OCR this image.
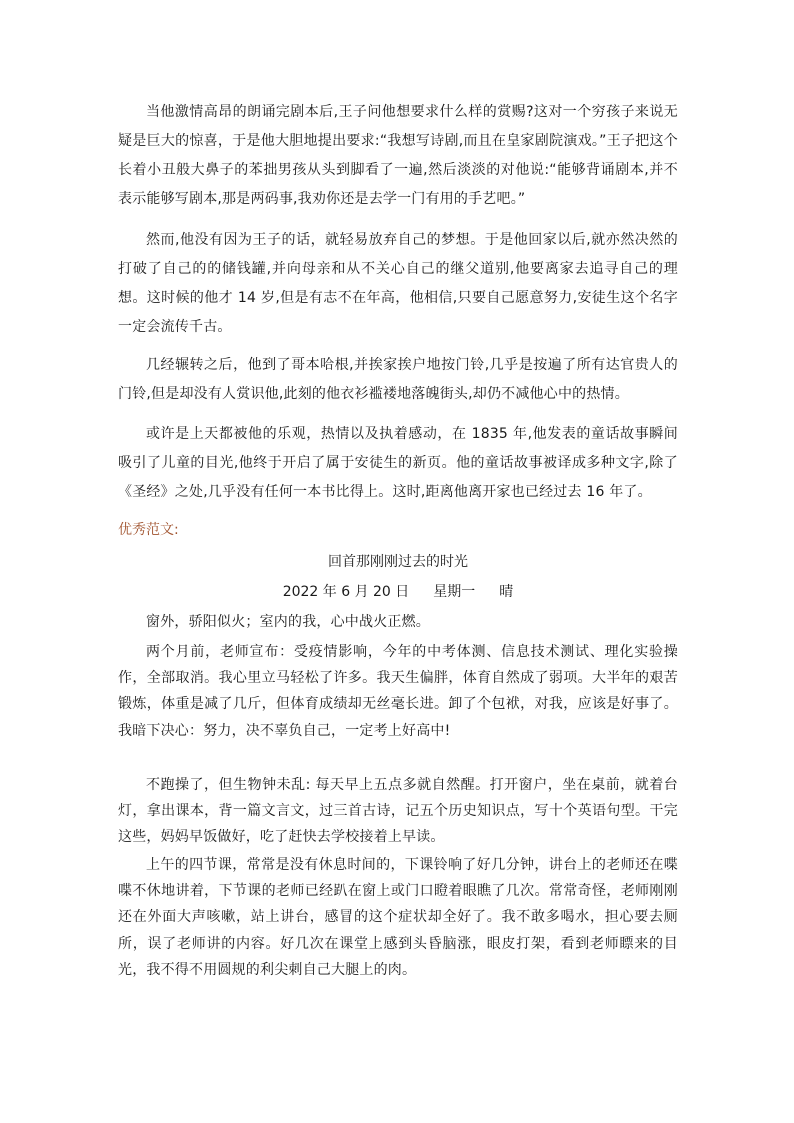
当他激情高昂的朗诵完剧本后,王子问他想要求什么样的赏赐?这对一个穷孩子来说无疑是巨大的惊喜，于是他大胆地提出要求:“我想写诗剧,而且在皇家剧院演戏。”王子把这个长着小丑般大鼻子的苯拙男孩从头到脚看了一遍,然后淡淡的对他说:“能够背诵剧本,并不表示能够写剧本,那是两码事,我劝你还是去学一门有用的手艺吧。”

然而,他没有因为王子的话，就轻易放弃自己的梦想。于是他回家以后,就亦然决然的打破了自己的的储钱罐,并向母亲和从不关心自己的继父道别,他要离家去追寻自己的理想。这时候的他才 14 岁,但是有志不在年高，他相信,只要自己愿意努力,安徒生这个名字一定会流传千古。

几经辗转之后，他到了哥本哈根,并挨家挨户地按门铃,几乎是按遍了所有达官贵人的门铃,但是却没有人赏识他,此刻的他衣衫褴褛地落魄街头,却仍不减他心中的热情。

或许是上天都被他的乐观，热情以及执着感动，在 1835 年,他发表的童话故事瞬间吸引了儿童的目光,他终于开启了属于安徒生的新页。他的童话故事被译成多种文字,除了《圣经》之处,几乎没有任何一本书比得上。这时,距离他离开家也已经过去 16 年了。

优秀范文:

回首那刚刚过去的时光

2022 年 6 月 20 日 星期一 晴

窗外，骄阳似火；室内的我，心中战火正燃。

两个月前，老师宣布：受疫情影响，今年的中考体测、信息技术测试、理化实验操作，全部取消。我心里立马轻松了许多。我天生偏胖，体育自然成了弱项。大半年的艰苦锻炼，体重是减了几斤，但体育成绩却无丝毫长进。卸了个包袱，对我，应该是好事了。我暗下决心：努力，决不辜负自己，一定考上好高中!

不跑操了，但生物钟未乱: 每天早上五点多就自然醒。打开窗户，坐在桌前，就着台灯，拿出课本，背一篇文言文，过三首古诗，记五个历史知识点，写十个英语句型。干完这些，妈妈早饭做好，吃了赶快去学校接着上早读。

上午的四节课，常常是没有休息时间的，下课铃响了好几分钟，讲台上的老师还在喋喋不休地讲着，下节课的老师已经趴在窗上或门口瞪着眼瞧了几次。常常奇怪，老师刚刚还在外面大声咳嗽，站上讲台，感冒的这个症状却全好了。我不敢多喝水，担心要去厕所，误了老师讲的内容。好几次在课堂上感到头昏脑涨，眼皮打架，看到老师瞟来的目光，我不得不用圆规的利尖刺自己大腿上的肉。
